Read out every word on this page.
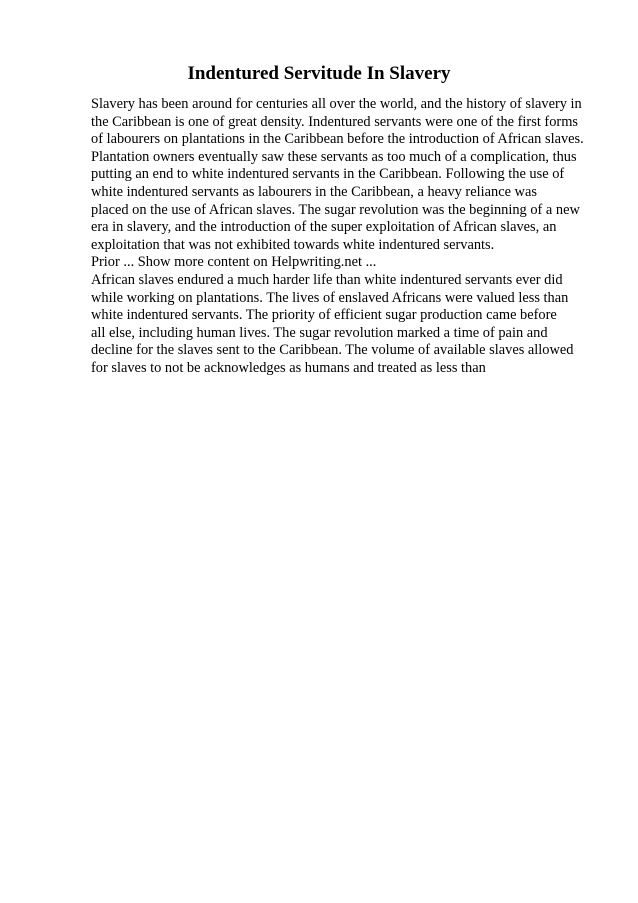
Indentured Servitude In Slavery
Slavery has been around for centuries all over the world, and the history of slavery in
the Caribbean is one of great density. Indentured servants were one of the first forms
of labourers on plantations in the Caribbean before the introduction of African slaves.
Plantation owners eventually saw these servants as too much of a complication, thus
putting an end to white indentured servants in the Caribbean. Following the use of
white indentured servants as labourers in the Caribbean, a heavy reliance was
placed on the use of African slaves. The sugar revolution was the beginning of a new
era in slavery, and the introduction of the super exploitation of African slaves, an
exploitation that was not exhibited towards white indentured servants.
Prior ... Show more content on Helpwriting.net ...
African slaves endured a much harder life than white indentured servants ever did
while working on plantations. The lives of enslaved Africans were valued less than
white indentured servants. The priority of efficient sugar production came before
all else, including human lives. The sugar revolution marked a time of pain and
decline for the slaves sent to the Caribbean. The volume of available slaves allowed
for slaves to not be acknowledges as humans and treated as less than
